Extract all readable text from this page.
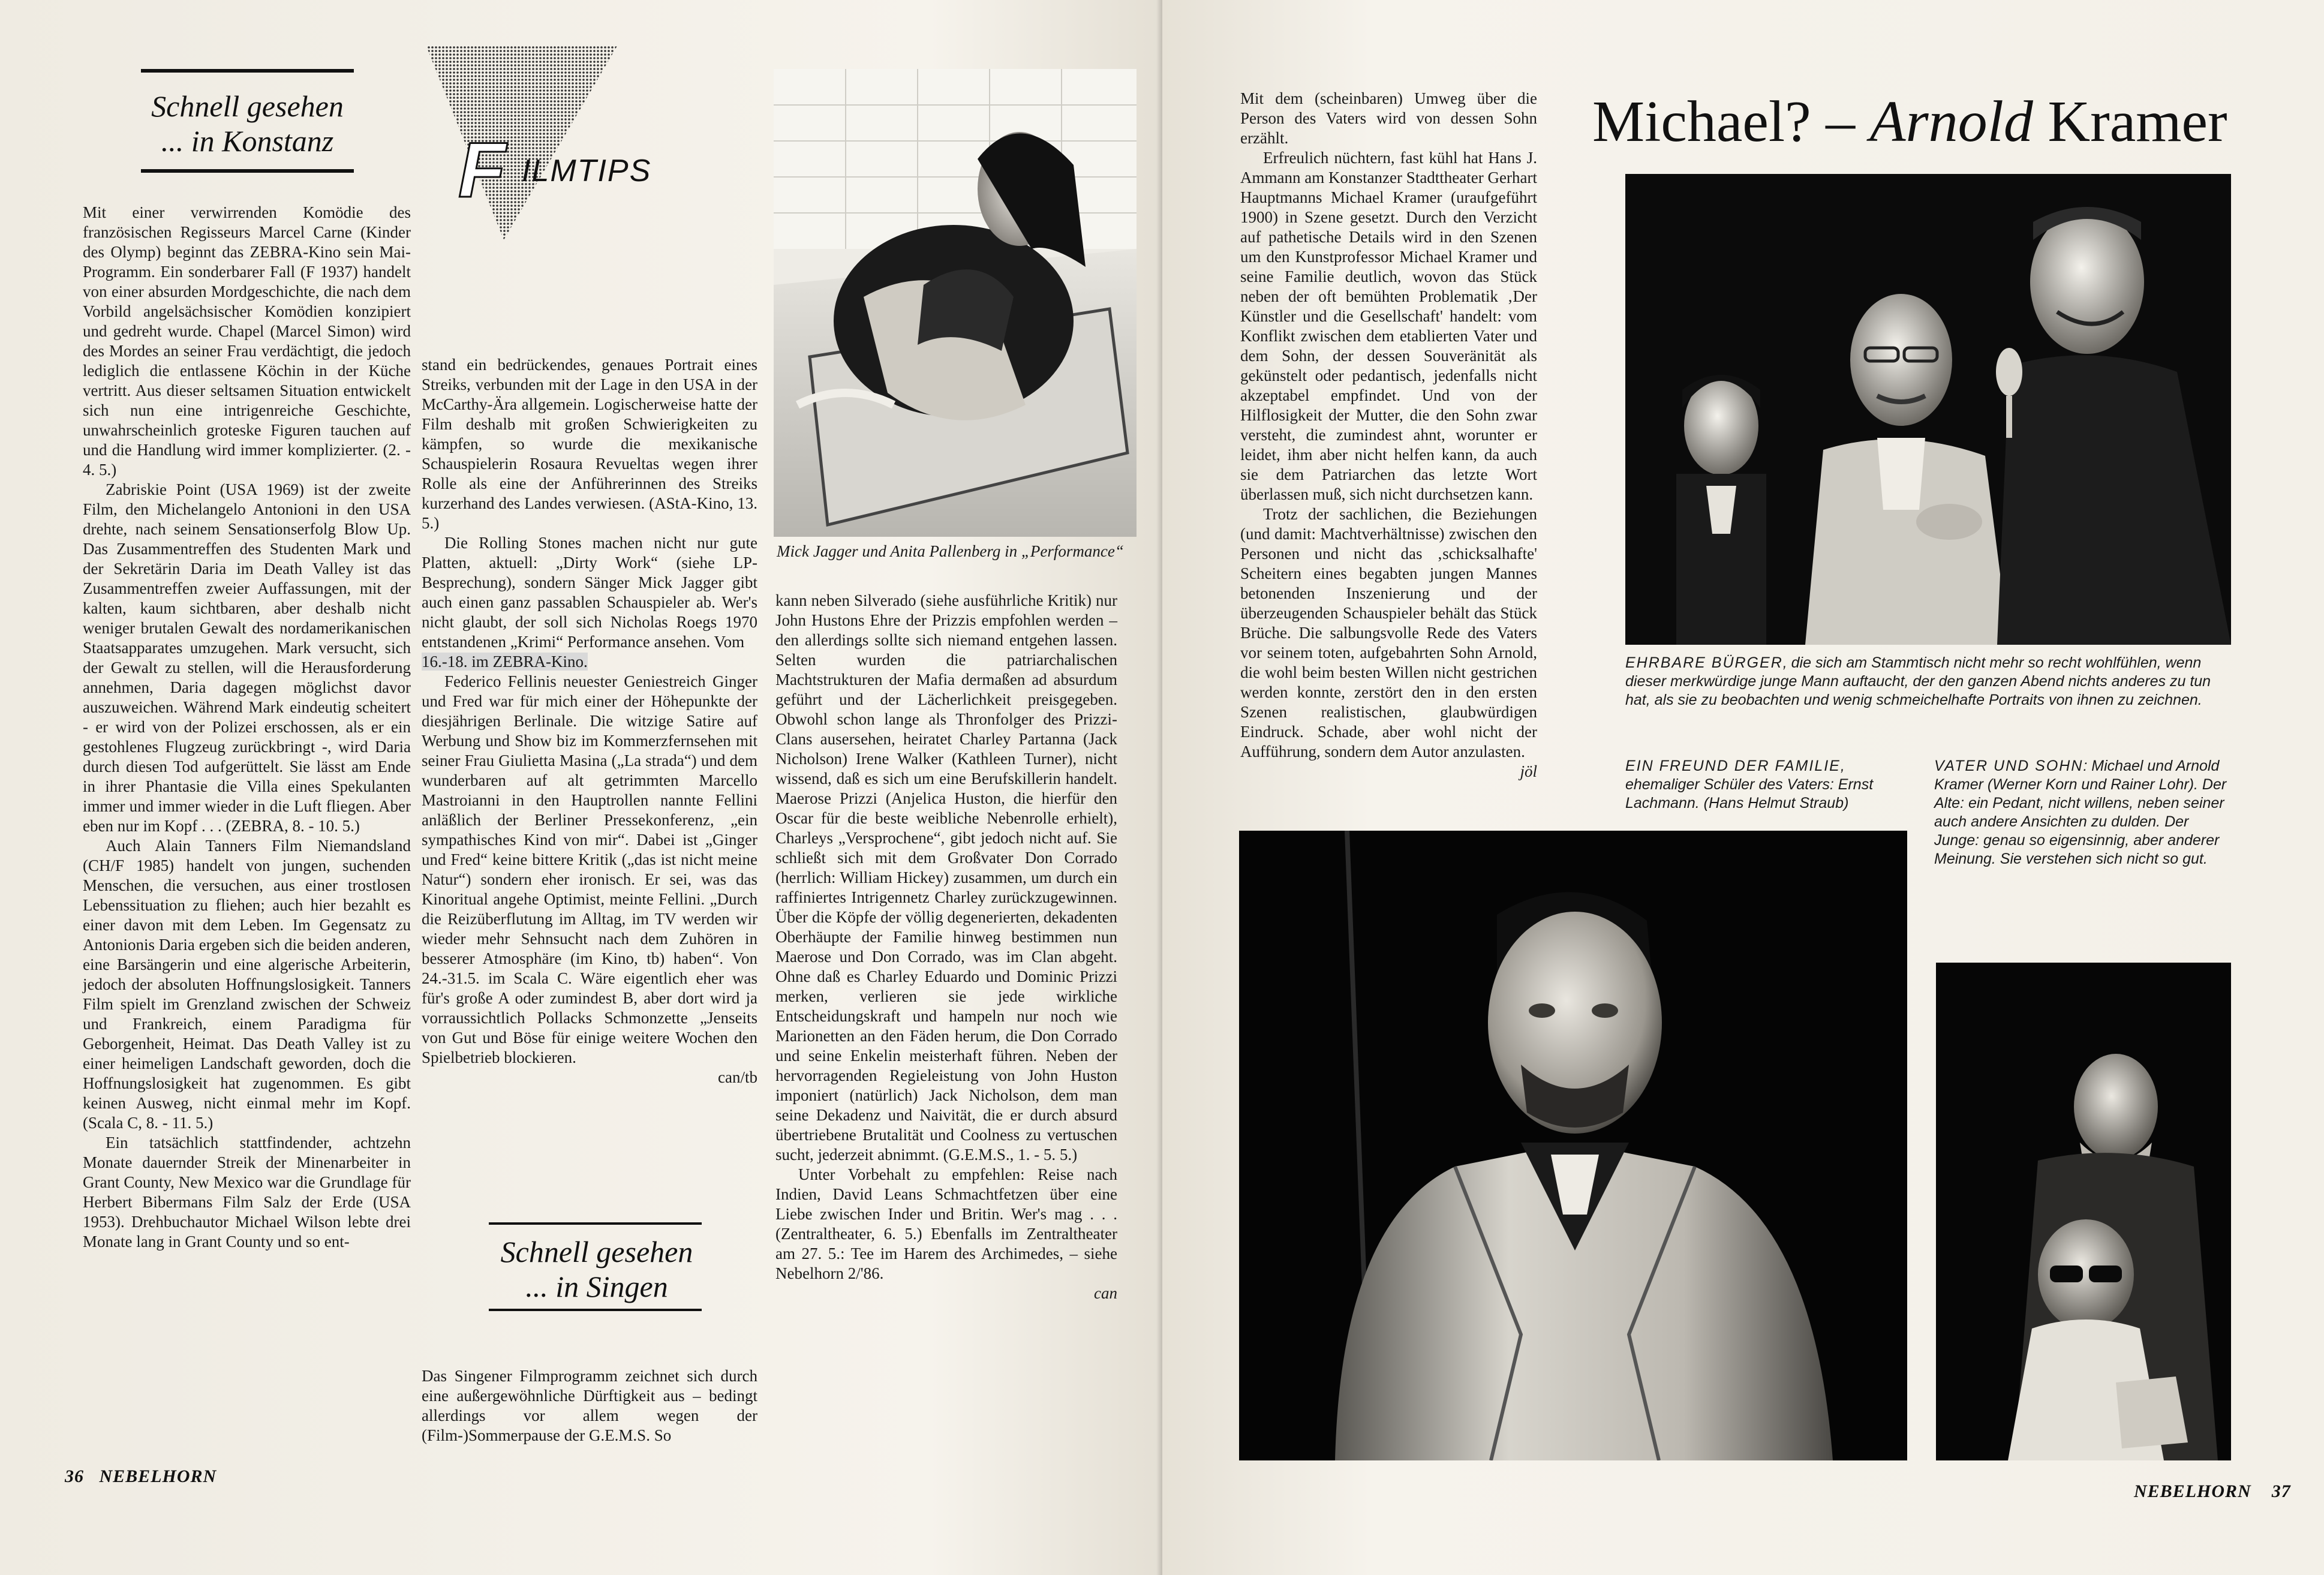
Schnell gesehen
... in Konstanz

Mit einer verwirrenden Komödie des französischen Regisseurs Marcel Carne (Kinder des Olymp) beginnt das ZEBRA-Kino sein Mai-Programm. Ein sonderbarer Fall (F 1937) handelt von einer absurden Mordgeschichte, die nach dem Vorbild angelsächsischer Komödien konzipiert und gedreht wurde. Chapel (Marcel Simon) wird des Mordes an seiner Frau verdächtigt, die jedoch lediglich die entlassene Köchin in der Küche vertritt. Aus dieser seltsamen Situation entwickelt sich nun eine intrigenreiche Geschichte, unwahrscheinlich groteske Figuren tauchen auf und die Handlung wird immer komplizierter. (2. - 4. 5.)

Zabriskie Point (USA 1969) ist der zweite Film, den Michelangelo Antonioni in den USA drehte, nach seinem Sensationserfolg Blow Up. Das Zusammentreffen des Studenten Mark und der Sekretärin Daria im Death Valley ist das Zusammentreffen zweier Auffassungen, mit der kalten, kaum sichtbaren, aber deshalb nicht weniger brutalen Gewalt des nordamerikanischen Staatsapparates umzugehen. Mark versucht, sich der Gewalt zu stellen, will die Herausforderung annehmen, Daria dagegen möglichst davor auszuweichen. Während Mark eindeutig scheitert - er wird von der Polizei erschossen, als er ein gestohlenes Flugzeug zurückbringt -, wird Daria durch diesen Tod aufgerüttelt. Sie lässt am Ende in ihrer Phantasie die Villa eines Spekulanten immer und immer wieder in die Luft fliegen. Aber eben nur im Kopf . . . (ZEBRA, 8. - 10. 5.)

Auch Alain Tanners Film Niemandsland (CH/F 1985) handelt von jungen, suchenden Menschen, die versuchen, aus einer trostlosen Lebenssituation zu fliehen; auch hier bezahlt es einer davon mit dem Leben. Im Gegensatz zu Antonionis Daria ergeben sich die beiden anderen, eine Barsängerin und eine algerische Arbeiterin, jedoch der absoluten Hoffnungslosigkeit. Tanners Film spielt im Grenzland zwischen der Schweiz und Frankreich, einem Paradigma für Geborgenheit, Heimat. Das Death Valley ist zu einer heimeligen Landschaft geworden, doch die Hoffnungslosigkeit hat zugenommen. Es gibt keinen Ausweg, nicht einmal mehr im Kopf. (Scala C, 8. - 11. 5.)

Ein tatsächlich stattfindender, achtzehn Monate dauernder Streik der Minenarbeiter in Grant County, New Mexico war die Grundlage für Herbert Bibermans Film Salz der Erde (USA 1953). Drehbuchautor Michael Wilson lebte drei Monate lang in Grant County und so ent-

F ILMTIPS

stand ein bedrückendes, genaues Portrait eines Streiks, verbunden mit der Lage in den USA in der McCarthy-Ära allgemein. Logischerweise hatte der Film deshalb mit großen Schwierigkeiten zu kämpfen, so wurde die mexikanische Schauspielerin Rosaura Revueltas wegen ihrer Rolle als eine der Anführerinnen des Streiks kurzerhand des Landes verwiesen. (AStA-Kino, 13. 5.)

Die Rolling Stones machen nicht nur gute Platten, aktuell: „Dirty Work“ (siehe LP-Besprechung), sondern Sänger Mick Jagger gibt auch einen ganz passablen Schauspieler ab. Wer's nicht glaubt, der soll sich Nicholas Roegs 1970 entstandenen „Krimi“ Performance ansehen. Vom

16.-18. im ZEBRA-Kino.

Federico Fellinis neuester Geniestreich Ginger und Fred war für mich einer der Höhepunkte der diesjährigen Berlinale. Die witzige Satire auf Werbung und Show biz im Kommerzfernsehen mit seiner Frau Giulietta Masina („La strada“) und dem wunderbaren auf alt getrimmten Marcello Mastroianni in den Hauptrollen nannte Fellini anläßlich der Berliner Pressekonferenz, „ein sympathisches Kind von mir“. Dabei ist „Ginger und Fred“ keine bittere Kritik („das ist nicht meine Natur“) sondern eher ironisch. Er sei, was das Kinoritual angehe Optimist, meinte Fellini. „Durch die Reizüberflutung im Alltag, im TV werden wir wieder mehr Sehnsucht nach dem Zuhören in besserer Atmosphäre (im Kino, tb) haben“. Von 24.-31.5. im Scala C. Wäre eigentlich eher was für's große A oder zumindest B, aber dort wird ja vorraussichtlich Pollacks Schmonzette „Jenseits von Gut und Böse für einige weitere Wochen den Spielbetrieb blockieren.

can/tb
Schnell gesehen
... in Singen

Das Singener Filmprogramm zeichnet sich durch eine außergewöhnliche Dürftigkeit aus – bedingt allerdings vor allem wegen der (Film-)Sommerpause der G.E.M.S. So

Mick Jagger und Anita Pallenberg in „Performance“

kann neben Silverado (siehe ausführliche Kritik) nur John Hustons Ehre der Prizzis empfohlen werden – den allerdings sollte sich niemand entgehen lassen. Selten wurden die patriarchalischen Machtstrukturen der Mafia dermaßen ad absurdum geführt und der Lächerlichkeit preisgegeben. Obwohl schon lange als Thronfolger des Prizzi-Clans ausersehen, heiratet Charley Partanna (Jack Nicholson) Irene Walker (Kathleen Turner), nicht wissend, daß es sich um eine Berufskillerin handelt. Maerose Prizzi (Anjelica Huston, die hierfür den Oscar für die beste weibliche Nebenrolle erhielt), Charleys „Versprochene“, gibt jedoch nicht auf. Sie schließt sich mit dem Großvater Don Corrado (herrlich: William Hickey) zusammen, um durch ein raffiniertes Intrigennetz Charley zurückzugewinnen. Über die Köpfe der völlig degenerierten, dekadenten Oberhäupte der Familie hinweg bestimmen nun Maerose und Don Corrado, was im Clan abgeht. Ohne daß es Charley Eduardo und Dominic Prizzi merken, verlieren sie jede wirkliche Entscheidungskraft und hampeln nur noch wie Marionetten an den Fäden herum, die Don Corrado und seine Enkelin meisterhaft führen. Neben der hervorragenden Regieleistung von John Huston imponiert (natürlich) Jack Nicholson, dem man seine Dekadenz und Naivität, die er durch absurd übertriebene Brutalität und Coolness zu vertuschen sucht, jederzeit abnimmt. (G.E.M.S., 1. - 5. 5.)

Unter Vorbehalt zu empfehlen: Reise nach Indien, David Leans Schmachtfetzen über eine Liebe zwischen Inder und Britin. Wer's mag . . . (Zentraltheater, 6. 5.) Ebenfalls im Zentraltheater am 27. 5.: Tee im Harem des Archimedes, – siehe Nebelhorn 2/'86.

can
36 NEBELHORN

Mit dem (scheinbaren) Umweg über die Person des Vaters wird von dessen Sohn erzählt.

Erfreulich nüchtern, fast kühl hat Hans J. Ammann am Konstanzer Stadttheater Gerhart Hauptmanns Michael Kramer (uraufgeführt 1900) in Szene gesetzt. Durch den Verzicht auf pathetische Details wird in den Szenen um den Kunstprofessor Michael Kramer und seine Familie deutlich, wovon das Stück neben der oft bemühten Problematik ‚Der Künstler und die Gesellschaft' handelt: vom Konflikt zwischen dem etablierten Vater und dem Sohn, der dessen Souveränität als gekünstelt oder pedantisch, jedenfalls nicht akzeptabel empfindet. Und von der Hilflosigkeit der Mutter, die den Sohn zwar versteht, die zumindest ahnt, worunter er leidet, ihm aber nicht helfen kann, da auch sie dem Patriarchen das letzte Wort überlassen muß, sich nicht durchsetzen kann.

Trotz der sachlichen, die Beziehungen (und damit: Machtverhältnisse) zwischen den Personen und nicht das ‚schicksalhafte' Scheitern eines begabten jungen Mannes betonenden Inszenierung und der überzeugenden Schauspieler behält das Stück Brüche. Die salbungsvolle Rede des Vaters vor seinem toten, aufgebahrten Sohn Arnold, die wohl beim besten Willen nicht gestrichen werden konnte, zerstört den in den ersten Szenen realistischen, glaubwürdigen Eindruck. Schade, aber wohl nicht der Aufführung, sondern dem Autor anzulasten.

jöl
EHRBARE BÜRGER, die sich am Stammtisch nicht mehr so recht wohlfühlen, wenn dieser merkwürdige junge Mann auftaucht, der den ganzen Abend nichts anderes zu tun hat, als sie zu beobachten und wenig schmeichelhafte Portraits von ihnen zu zeichnen.
EIN FREUND DER FAMILIE, ehemaliger Schüler des Vaters: Ernst Lachmann. (Hans Helmut Straub)
VATER UND SOHN: Michael und Arnold Kramer (Werner Korn und Rainer Lohr). Der Alte: ein Pedant, nicht willens, neben seiner auch andere Ansichten zu dulden. Der Junge: genau so eigensinnig, aber anderer Meinung. Sie verstehen sich nicht so gut.
Michael? – Arnold Kramer
NEBELHORN 37
